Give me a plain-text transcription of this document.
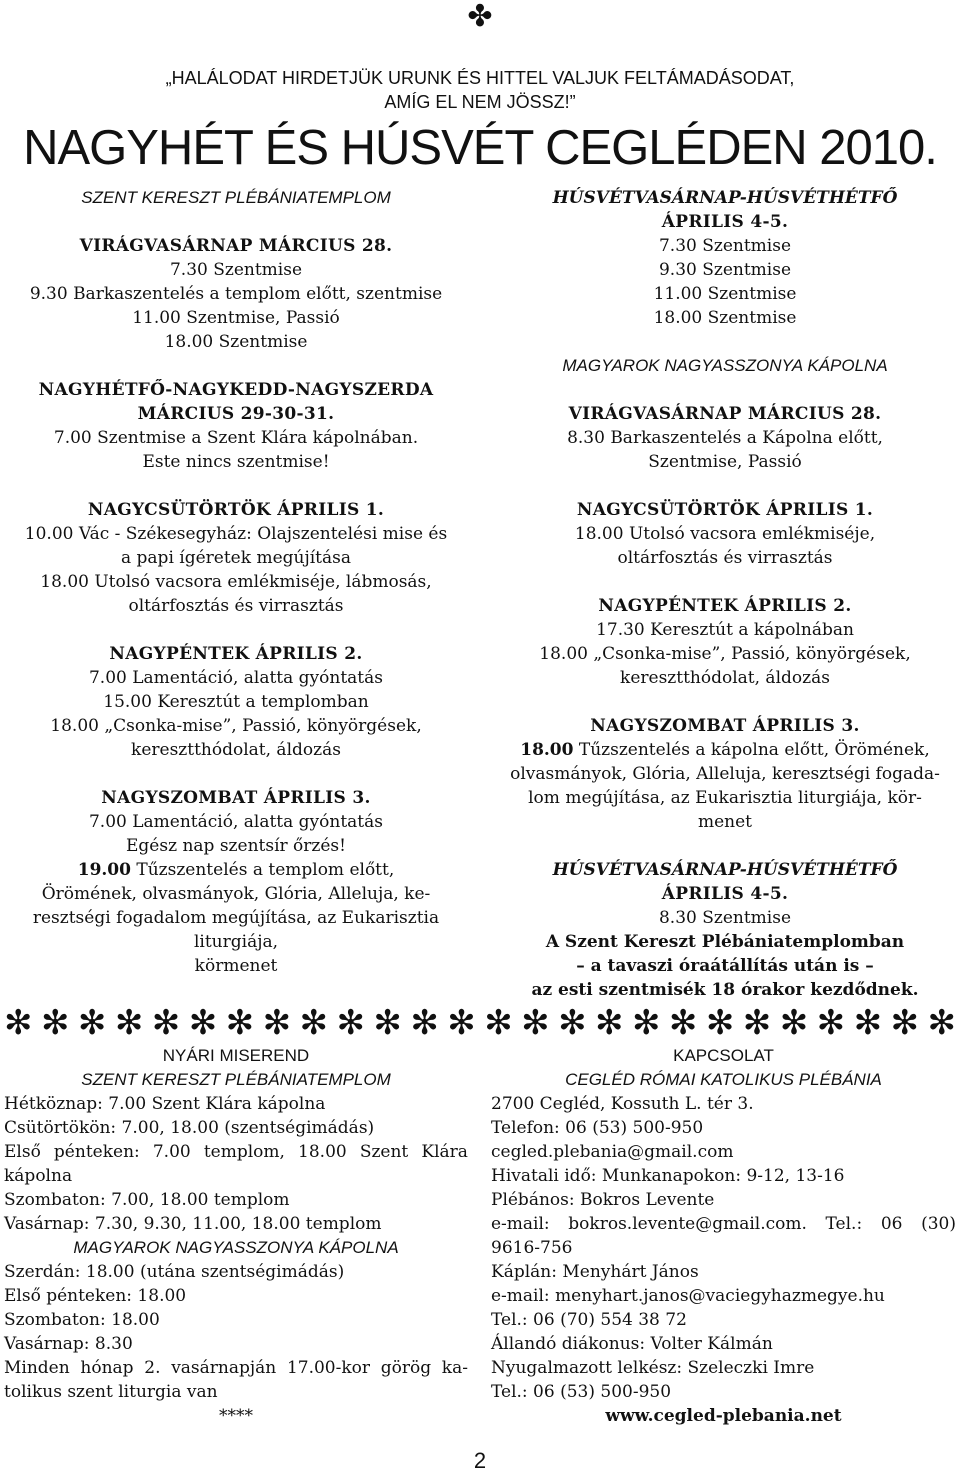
✤
„HALÁLODAT HIRDETJÜK URUNK ÉS HITTEL VALJUK FELTÁMADÁSODAT,
AMÍG EL NEM JÖSSZ!”
NAGYHÉT ÉS HÚSVÉT CEGLÉDEN 2010.
SZENT KERESZT PLÉBÁNIATEMPLOM
VIRÁGVASÁRNAP MÁRCIUS 28.
7.30 Szentmise
9.30 Barkaszentelés a templom előtt, szentmise
11.00 Szentmise, Passió
18.00 Szentmise
NAGYHÉTFŐ-NAGYKEDD-NAGYSZERDA
MÁRCIUS 29-30-31.
7.00 Szentmise a Szent Klára kápolnában.
Este nincs szentmise!
NAGYCSÜTÖRTÖK ÁPRILIS 1.
10.00 Vác - Székesegyház: Olajszentelési mise és
a papi ígéretek megújítása
18.00 Utolsó vacsora emlékmiséje, lábmosás,
oltárfosztás és virrasztás
NAGYPÉNTEK ÁPRILIS 2.
7.00 Lamentáció, alatta gyóntatás
15.00 Keresztút a templomban
18.00 „Csonka-mise”, Passió, könyörgések,
keresztthódolat, áldozás
NAGYSZOMBAT ÁPRILIS 3.
7.00 Lamentáció, alatta gyóntatás
Egész nap szentsír őrzés!
19.00 Tűzszentelés a templom előtt,
Örömének, olvasmányok, Glória, Alleluja, ke-
resztségi fogadalom megújítása, az Eukarisztia
liturgiája,
körmenet
HÚSVÉTVASÁRNAP-HÚSVÉTHÉTFŐ
ÁPRILIS 4-5.
7.30 Szentmise
9.30 Szentmise
11.00 Szentmise
18.00 Szentmise
MAGYAROK NAGYASSZONYA KÁPOLNA
VIRÁGVASÁRNAP MÁRCIUS 28.
8.30 Barkaszentelés a Kápolna előtt,
Szentmise, Passió
NAGYCSÜTÖRTÖK ÁPRILIS 1.
18.00 Utolsó vacsora emlékmiséje,
oltárfosztás és virrasztás
NAGYPÉNTEK ÁPRILIS 2.
17.30 Keresztút a kápolnában
18.00 „Csonka-mise”, Passió, könyörgések,
keresztthódolat, áldozás
NAGYSZOMBAT ÁPRILIS 3.
18.00 Tűzszentelés a kápolna előtt, Örömének,
olvasmányok, Glória, Alleluja, keresztségi fogada-
lom megújítása, az Eukarisztia liturgiája, kör-
menet
HÚSVÉTVASÁRNAP-HÚSVÉTHÉTFŐ
ÁPRILIS 4-5.
8.30 Szentmise
A Szent Kereszt Plébániatemplomban
– a tavaszi óraátállítás után is –
az esti szentmisék 18 órakor kezdődnek.
✻ ✻ ✻ ✻ ✻ ✻ ✻ ✻ ✻ ✻ ✻ ✻ ✻ ✻ ✻ ✻ ✻ ✻ ✻ ✻ ✻ ✻ ✻ ✻ ✻ ✻
NYÁRI MISEREND
SZENT KERESZT PLÉBÁNIATEMPLOM
Hétköznap: 7.00 Szent Klára kápolna
Csütörtökön: 7.00, 18.00 (szentségimádás)
Első pénteken: 7.00 templom, 18.00 Szent Klára
kápolna
Szombaton: 7.00, 18.00 templom
Vasárnap: 7.30, 9.30, 11.00, 18.00 templom
MAGYAROK NAGYASSZONYA KÁPOLNA
Szerdán: 18.00 (utána szentségimádás)
Első pénteken: 18.00
Szombaton: 18.00
Vasárnap: 8.30
Minden hónap 2. vasárnapján 17.00-kor görög ka-
tolikus szent liturgia van
****
KAPCSOLAT
CEGLÉD RÓMAI KATOLIKUS PLÉBÁNIA
2700 Cegléd, Kossuth L. tér 3.
Telefon: 06 (53) 500-950
cegled.plebania@gmail.com
Hivatali idő: Munkanapokon: 9-12, 13-16
Plébános: Bokros Levente
e-mail: bokros.levente@gmail.com. Tel.: 06 (30)
9616-756
Káplán: Menyhárt János
e-mail: menyhart.janos@vaciegyhazmegye.hu
Tel.: 06 (70) 554 38 72
Állandó diákonus: Volter Kálmán
Nyugalmazott lelkész: Szeleczki Imre
Tel.: 06 (53) 500-950
www.cegled-plebania.net
2
